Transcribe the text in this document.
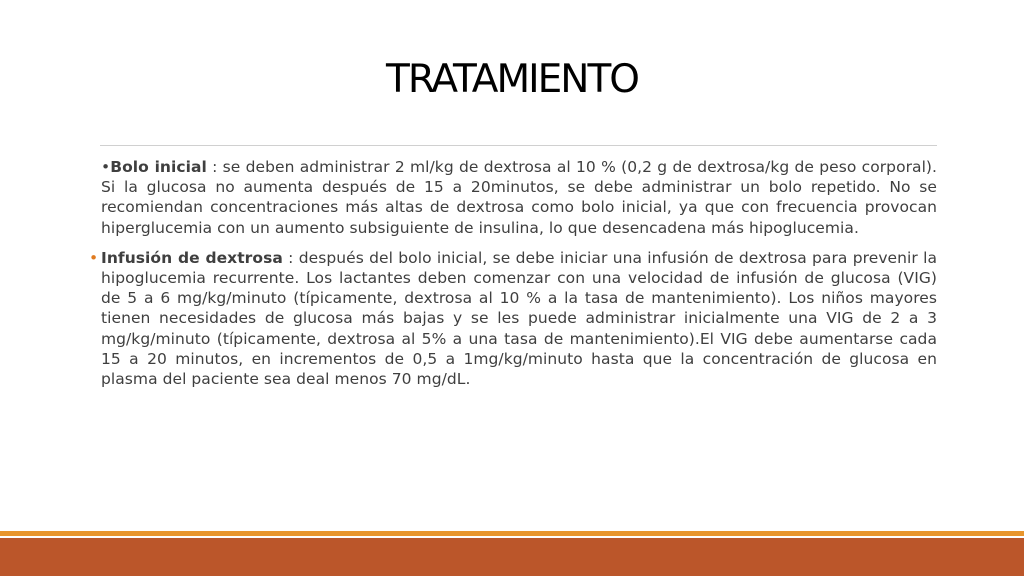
TRATAMIENTO

•Bolo inicial : se deben administrar 2 ml/kg de dextrosa al 10 % (0,2 g de dextrosa/kg de peso corporal). Si la glucosa no aumenta después de 15 a 20minutos, se debe administrar un bolo repetido. No se recomiendan concentraciones más altas de dextrosa como bolo inicial, ya que con frecuencia provocan hiperglucemia con un aumento subsiguiente de insulina, lo que desencadena más hipoglucemia.

• Infusión de dextrosa : después del bolo inicial, se debe iniciar una infusión de dextrosa para prevenir la hipoglucemia recurrente. Los lactantes deben comenzar con una velocidad de infusión de glucosa (VIG) de 5 a 6 mg/kg/minuto (típicamente, dextrosa al 10 % a la tasa de mantenimiento). Los niños mayores tienen necesidades de glucosa más bajas y se les puede administrar inicialmente una VIG de 2 a 3 mg/kg/minuto (típicamente, dextrosa al 5% a una tasa de mantenimiento).El VIG debe aumentarse cada 15 a 20 minutos, en incrementos de 0,5 a 1mg/kg/minuto hasta que la concentración de glucosa en plasma del paciente sea deal menos 70 mg/dL.
